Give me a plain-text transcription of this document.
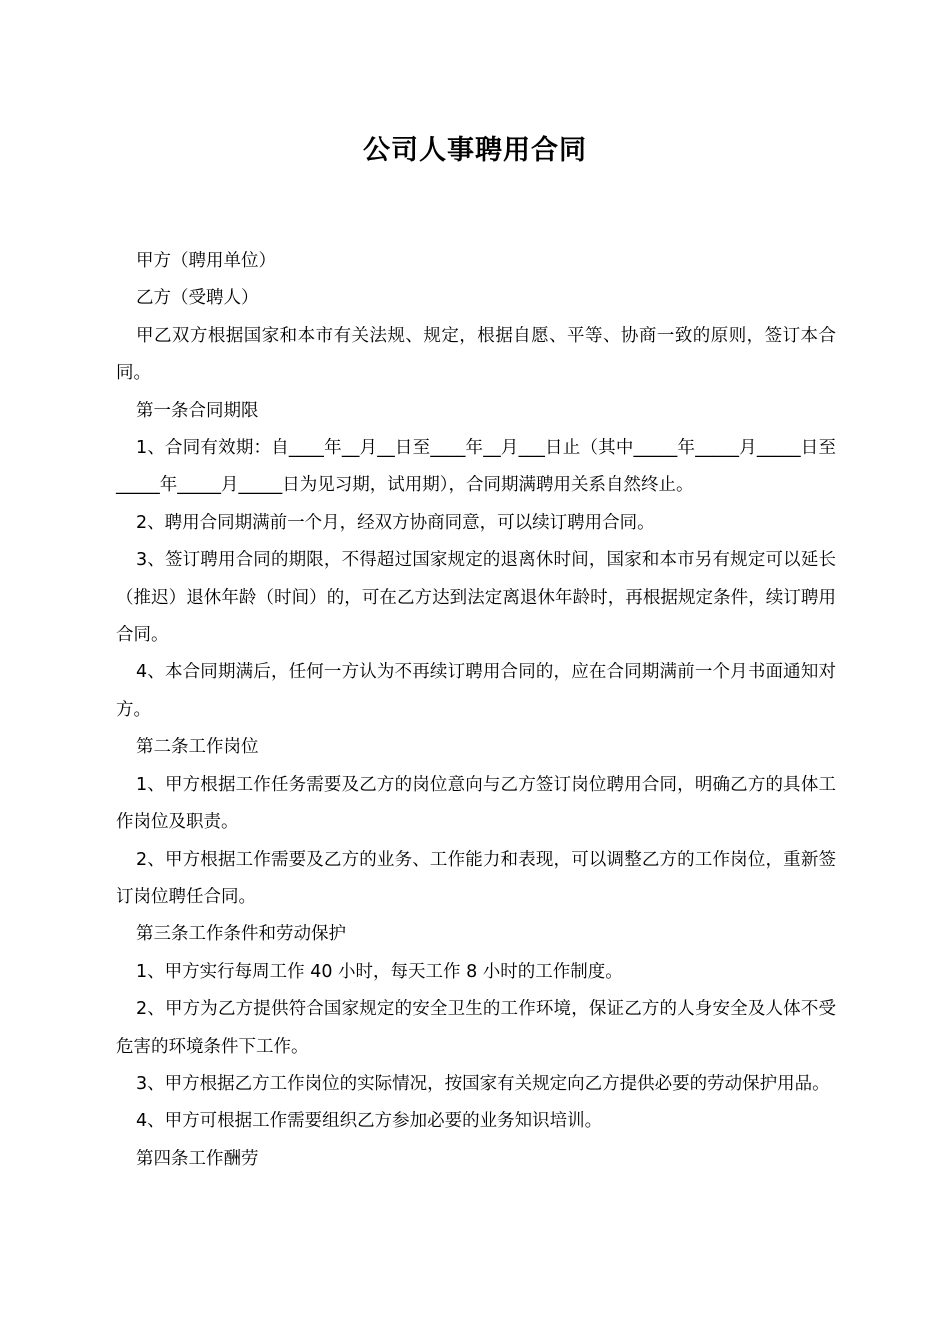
公司人事聘用合同

甲方（聘用单位）

乙方（受聘人）

甲乙双方根据国家和本市有关法规、规定，根据自愿、平等、协商一致的原则，签订本合同。

第一条合同期限

1、合同有效期：自____年__月__日至____年__月___日止（其中_____年_____月_____日至_____年_____月_____日为见习期，试用期），合同期满聘用关系自然终止。

2、聘用合同期满前一个月，经双方协商同意，可以续订聘用合同。

3、签订聘用合同的期限，不得超过国家规定的退离休时间，国家和本市另有规定可以延长（推迟）退休年龄（时间）的，可在乙方达到法定离退休年龄时，再根据规定条件，续订聘用合同。

4、本合同期满后，任何一方认为不再续订聘用合同的，应在合同期满前一个月书面通知对方。

第二条工作岗位

1、甲方根据工作任务需要及乙方的岗位意向与乙方签订岗位聘用合同，明确乙方的具体工作岗位及职责。

2、甲方根据工作需要及乙方的业务、工作能力和表现，可以调整乙方的工作岗位，重新签订岗位聘任合同。

第三条工作条件和劳动保护

1、甲方实行每周工作 40 小时，每天工作 8 小时的工作制度。

2、甲方为乙方提供符合国家规定的安全卫生的工作环境，保证乙方的人身安全及人体不受危害的环境条件下工作。

3、甲方根据乙方工作岗位的实际情况，按国家有关规定向乙方提供必要的劳动保护用品。

4、甲方可根据工作需要组织乙方参加必要的业务知识培训。

第四条工作酬劳
